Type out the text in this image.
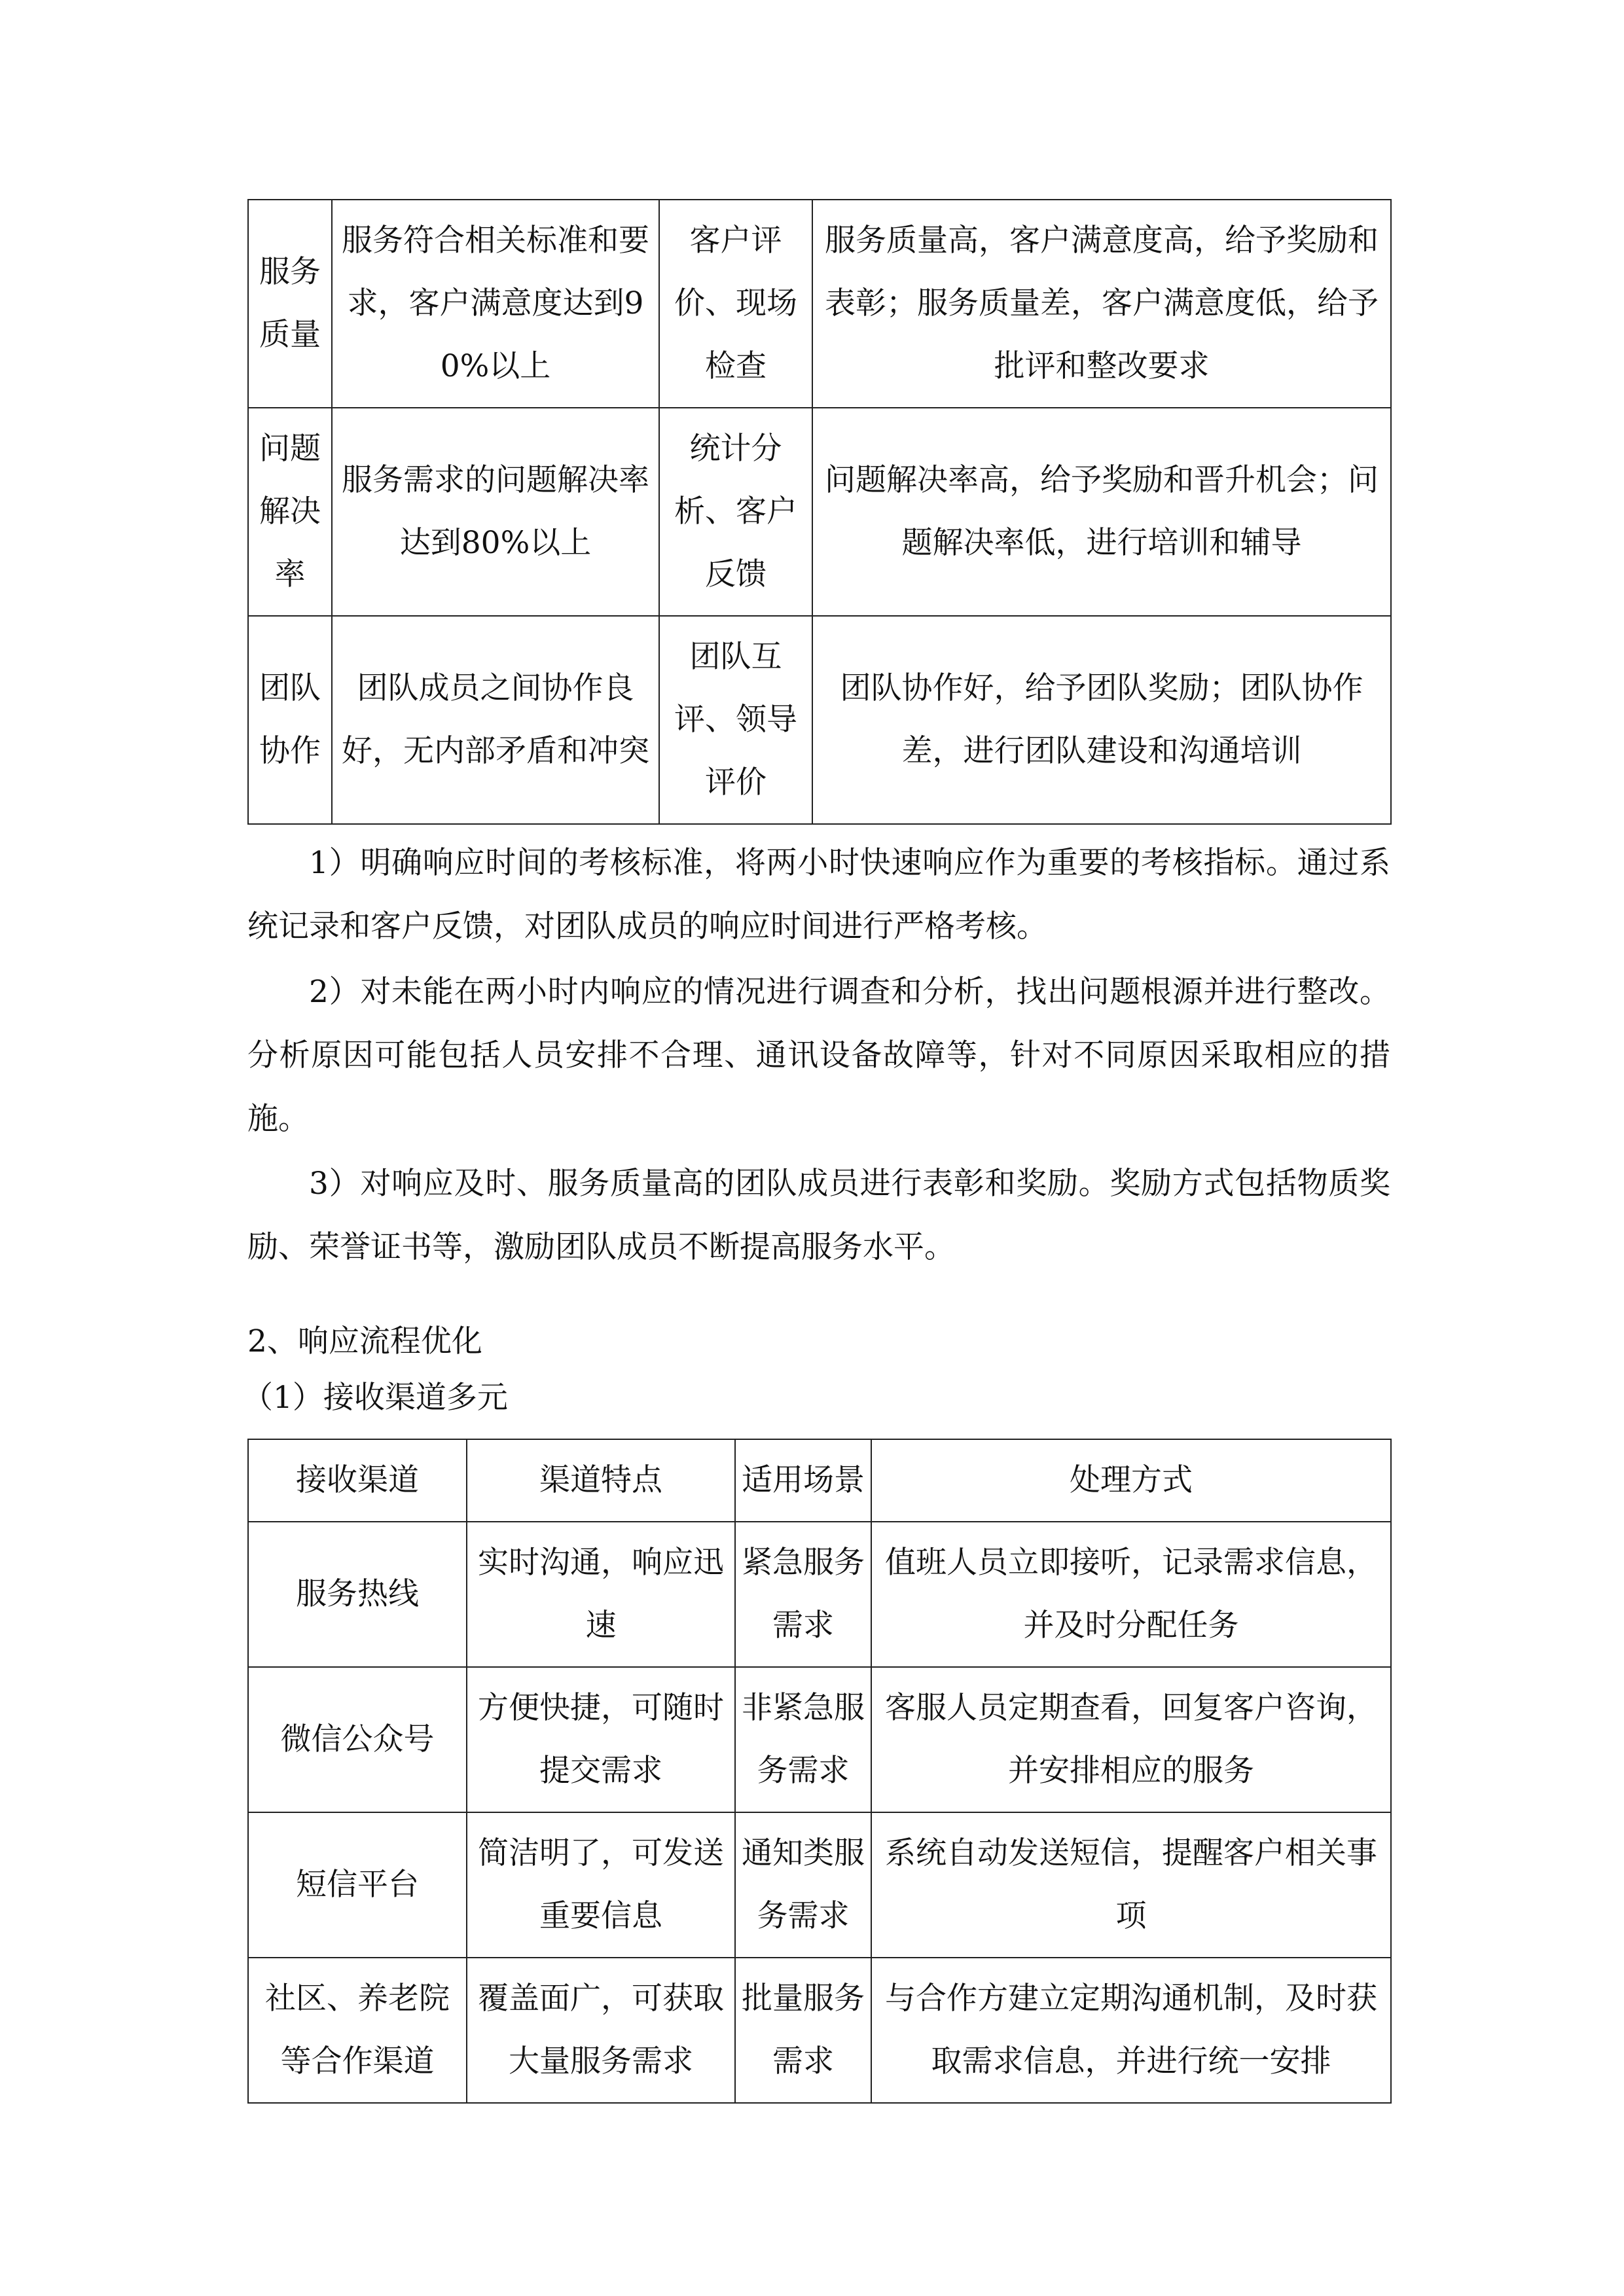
服务质量	服务符合相关标准和要求，客户满意度达到90%以上	客户评价、现场检查	服务质量高，客户满意度高，给予奖励和表彰；服务质量差，客户满意度低，给予批评和整改要求
问题解决率	服务需求的问题解决率达到80%以上	统计分析、客户反馈	问题解决率高，给予奖励和晋升机会；问题解决率低，进行培训和辅导
团队协作	团队成员之间协作良好，无内部矛盾和冲突	团队互评、领导评价	团队协作好，给予团队奖励；团队协作差，进行团队建设和沟通培训

1）明确响应时间的考核标准，将两小时快速响应作为重要的考核指标。通过系统记录和客户反馈，对团队成员的响应时间进行严格考核。

2）对未能在两小时内响应的情况进行调查和分析，找出问题根源并进行整改。分析原因可能包括人员安排不合理、通讯设备故障等，针对不同原因采取相应的措施。

3）对响应及时、服务质量高的团队成员进行表彰和奖励。奖励方式包括物质奖励、荣誉证书等，激励团队成员不断提高服务水平。

2、响应流程优化

（1）接收渠道多元

接收渠道	渠道特点	适用场景	处理方式
服务热线	实时沟通，响应迅速	紧急服务需求	值班人员立即接听，记录需求信息，并及时分配任务
微信公众号	方便快捷，可随时提交需求	非紧急服务需求	客服人员定期查看，回复客户咨询，并安排相应的服务
短信平台	简洁明了，可发送重要信息	通知类服务需求	系统自动发送短信，提醒客户相关事项
社区、养老院等合作渠道	覆盖面广，可获取大量服务需求	批量服务需求	与合作方建立定期沟通机制，及时获取需求信息，并进行统一安排
